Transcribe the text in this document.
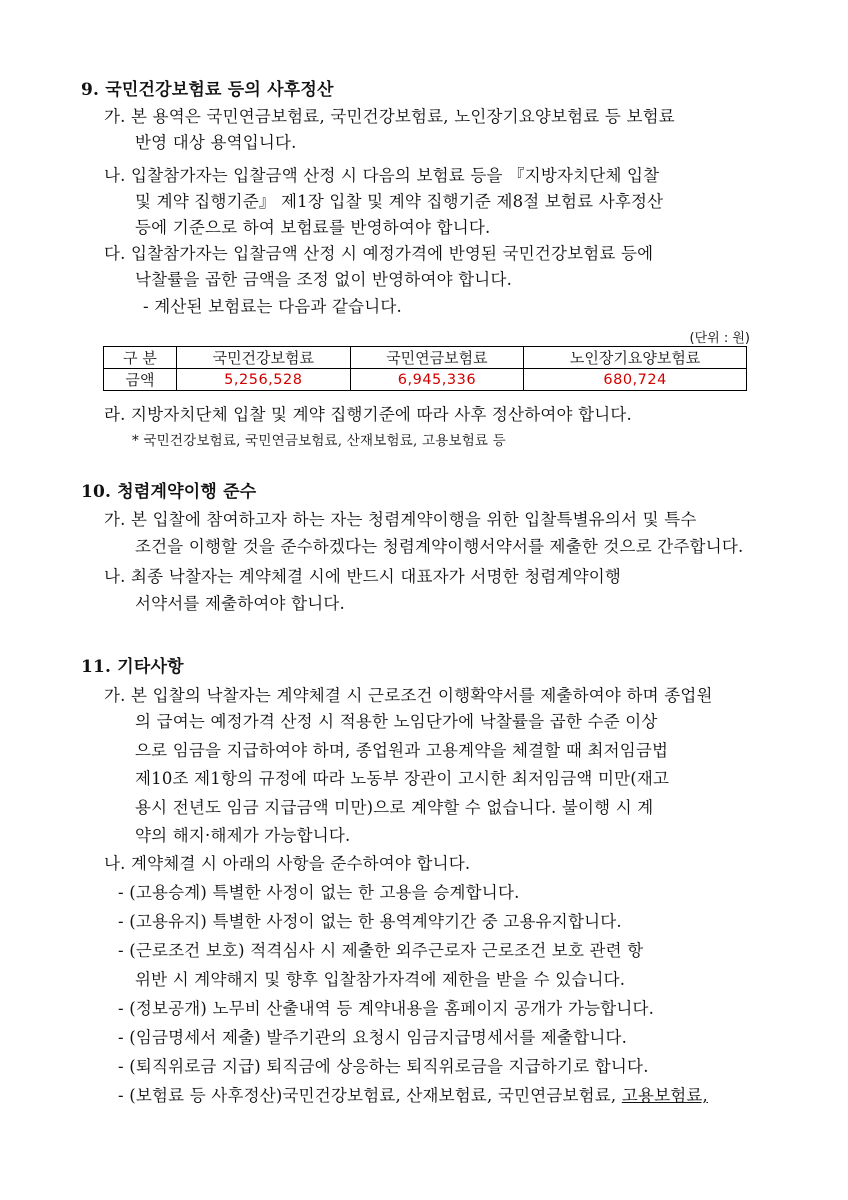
9. 국민건강보험료 등의 사후정산
가. 본 용역은 국민연금보험료, 국민건강보험료, 노인장기요양보험료 등 보험료
반영 대상 용역입니다.
나. 입찰참가자는 입찰금액 산정 시 다음의 보험료 등을 『지방자치단체 입찰
및 계약 집행기준』 제1장 입찰 및 계약 집행기준 제8절 보험료 사후정산
등에 기준으로 하여 보험료를 반영하여야 합니다.
다. 입찰참가자는 입찰금액 산정 시 예정가격에 반영된 국민건강보험료 등에
낙찰률을 곱한 금액을 조정 없이 반영하여야 합니다.
- 계산된 보험료는 다음과 같습니다.
(단위 : 원)
구 분	국민건강보험료	국민연금보험료	노인장기요양보험료
금액	5,256,528	6,945,336	680,724
라. 지방자치단체 입찰 및 계약 집행기준에 따라 사후 정산하여야 합니다.
* 국민건강보험료, 국민연금보험료, 산재보험료, 고용보험료 등
10. 청렴계약이행 준수
가. 본 입찰에 참여하고자 하는 자는 청렴계약이행을 위한 입찰특별유의서 및 특수
조건을 이행할 것을 준수하겠다는 청렴계약이행서약서를 제출한 것으로 간주합니다.
나. 최종 낙찰자는 계약체결 시에 반드시 대표자가 서명한 청렴계약이행
서약서를 제출하여야 합니다.
11. 기타사항
가. 본 입찰의 낙찰자는 계약체결 시 근로조건 이행확약서를 제출하여야 하며 종업원
의 급여는 예정가격 산정 시 적용한 노임단가에 낙찰률을 곱한 수준 이상
으로 임금을 지급하여야 하며, 종업원과 고용계약을 체결할 때 최저임금법
제10조 제1항의 규정에 따라 노동부 장관이 고시한 최저임금액 미만(재고
용시 전년도 임금 지급금액 미만)으로 계약할 수 없습니다. 불이행 시 계
약의 해지·해제가 가능합니다.
나. 계약체결 시 아래의 사항을 준수하여야 합니다.
- (고용승계) 특별한 사정이 없는 한 고용을 승계합니다.
- (고용유지) 특별한 사정이 없는 한 용역계약기간 중 고용유지합니다.
- (근로조건 보호) 적격심사 시 제출한 외주근로자 근로조건 보호 관련 항
위반 시 계약해지 및 향후 입찰참가자격에 제한을 받을 수 있습니다.
- (정보공개) 노무비 산출내역 등 계약내용을 홈페이지 공개가 가능합니다.
- (임금명세서 제출) 발주기관의 요청시 임금지급명세서를 제출합니다.
- (퇴직위로금 지급) 퇴직금에 상응하는 퇴직위로금을 지급하기로 합니다.
- (보험료 등 사후정산)국민건강보험료, 산재보험료, 국민연금보험료, 고용보험료,
